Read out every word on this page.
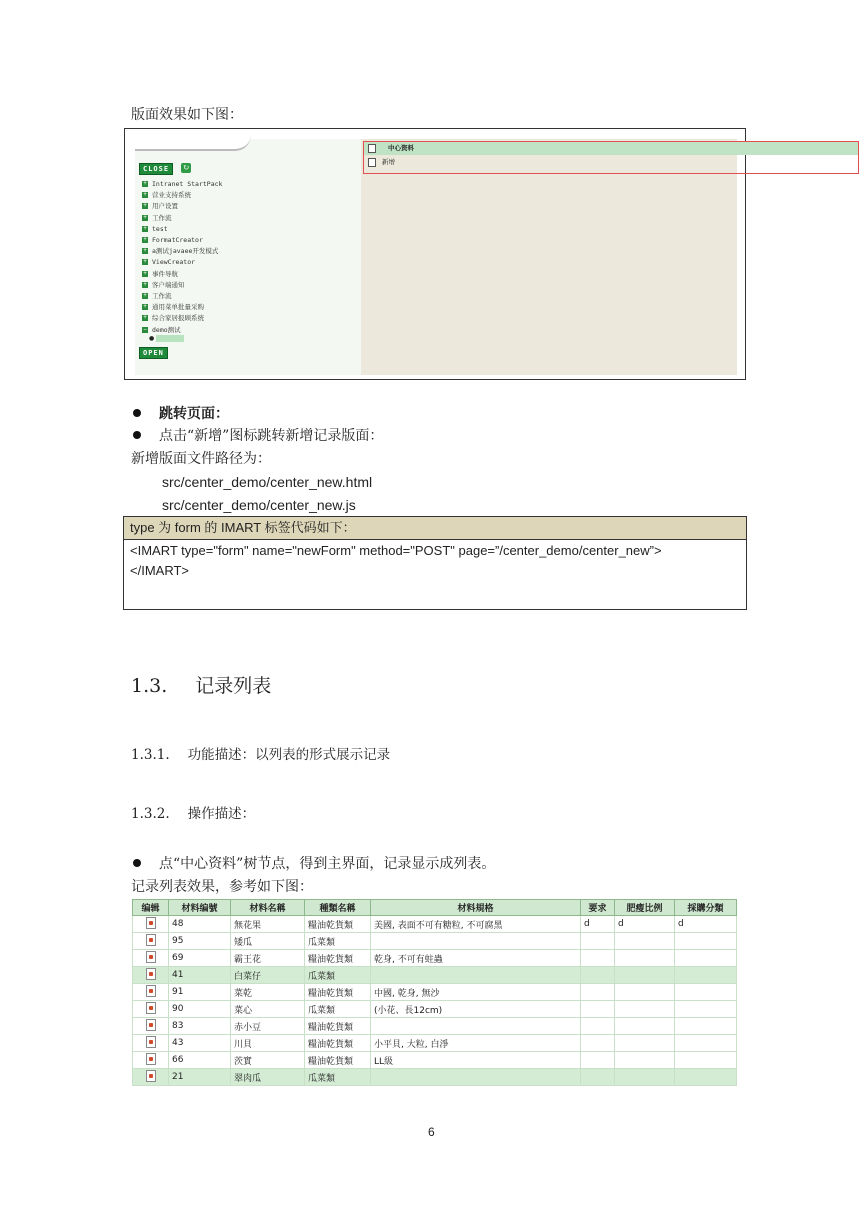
版面效果如下图：
CLOSE	↻
+ Intranet StartPack
+ 营业支持系统
+ 用户设置
+ 工作流
+ test
+ FormatCreator
+ a测试javaee开发模式
+ ViewCreator
+ 事件导航
+ 客户端通知
+ 工作流
+ 通用菜单批量采购
+ 综合家居报顾系统
− demo测试
● 中心资料
OPEN
中心资料
新增
跳转页面：
点击“新增”图标跳转新增记录版面：
新增版面文件路径为：
src/center_demo/center_new.html
src/center_demo/center_new.js
type 为 form 的 IMART 标签代码如下：
<IMART type="form" name="newForm" method="POST" page=”/center_demo/center_new”>
</IMART>
1.3. 记录列表
1.3.1. 功能描述：以列表的形式展示记录
1.3.2. 操作描述：
点“中心资料”树节点，得到主界面，记录显示成列表。
记录列表效果，参考如下图：
编辑	材料编號	材料名稱	種類名稱	材料規格	要求	肥瘦比例	採購分類
	48	無花果	糧油乾貨類	美國, 表面不可有糖粒, 不可腐黑	d	d	d
	95	矮瓜	瓜菜類				
	69	霸王花	糧油乾貨類	乾身, 不可有蛀蟲			
	41	白菜仔	瓜菜類				
	91	菜乾	糧油乾貨類	中國, 乾身, 無沙			
	90	菜心	瓜菜類	(小花、長12cm)			
	83	赤小豆	糧油乾貨類				
	43	川貝	糧油乾貨類	小平貝, 大粒, 白淨			
	66	茨實	糧油乾貨類	LL級			
	21	翠肉瓜	瓜菜類				
6
